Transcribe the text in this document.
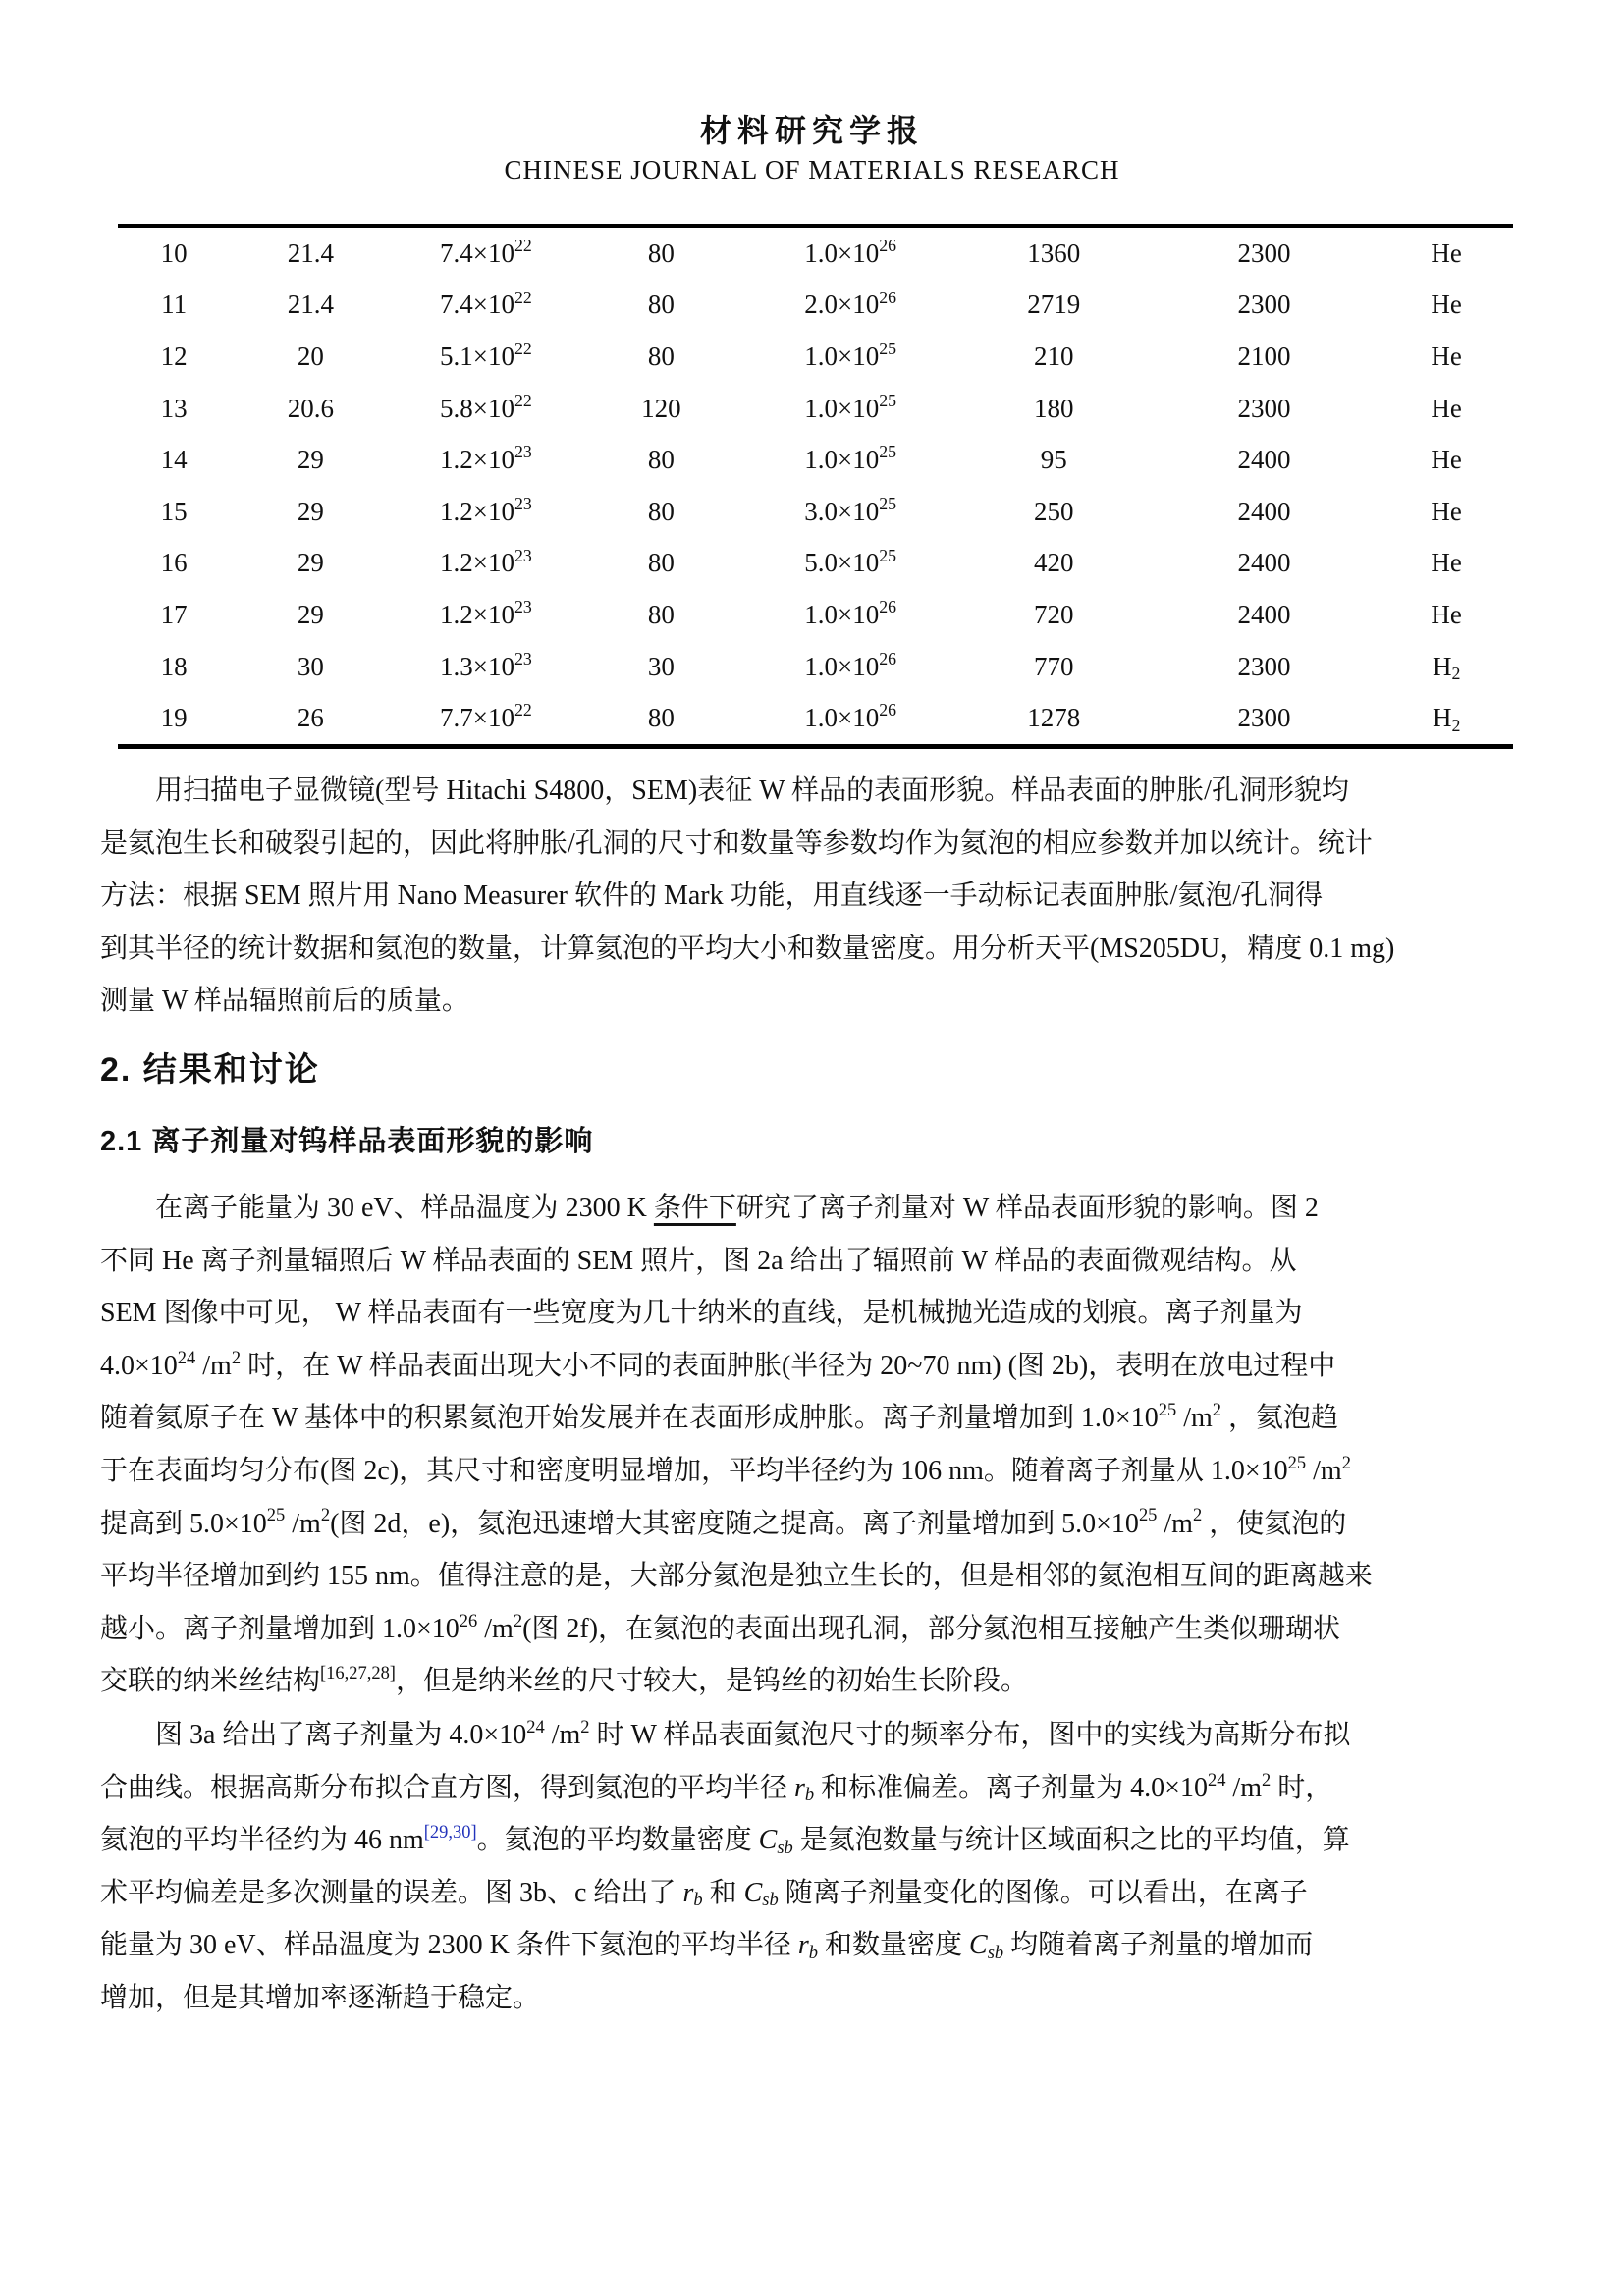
材料研究学报
CHINESE JOURNAL OF MATERIALS RESEARCH
10	21.4	$7.4\times 10^{22}$	80	$1.0\times 10^{26}$	1360	2300	He
11	21.4	$7.4\times 10^{22}$	80	$2.0\times 10^{26}$	2719	2300	He
12	20	$5.1\times 10^{22}$	80	$1.0\times 10^{25}$	210	2100	He
13	20.6	$5.8\times 10^{22}$	120	$1.0\times 10^{25}$	180	2300	He
14	29	$1.2\times 10^{23}$	80	$1.0\times 10^{25}$	95	2400	He
15	29	$1.2\times 10^{23}$	80	$3.0\times 10^{25}$	250	2400	He
16	29	$1.2\times 10^{23}$	80	$5.0\times 10^{25}$	420	2400	He
17	29	$1.2\times 10^{23}$	80	$1.0\times 10^{26}$	720	2400	He
18	30	$1.3\times 10^{23}$	30	$1.0\times 10^{26}$	770	2300	$H_2$
19	26	$7.7\times 10^{22}$	80	$1.0\times 10^{26}$	1278	2300	$H_2$
用扫描电子显微镜(型号 Hitachi S4800，SEM)表征 W 样品的表面形貌。样品表面的肿胀/孔洞形貌均
是氦泡生长和破裂引起的，因此将肿胀/孔洞的尺寸和数量等参数均作为氦泡的相应参数并加以统计。统计
方法：根据 SEM 照片用 Nano Measurer 软件的 Mark 功能，用直线逐一手动标记表面肿胀/氦泡/孔洞得
到其半径的统计数据和氦泡的数量，计算氦泡的平均大小和数量密度。用分析天平(MS205DU，精度 0.1 mg)
测量 W 样品辐照前后的质量。
2. 结果和讨论
2.1 离子剂量对钨样品表面形貌的影响
在离子能量为 30 eV、样品温度为 2300 K 条件下研究了离子剂量对 W 样品表面形貌的影响。图 2
不同 He 离子剂量辐照后 W 样品表面的 SEM 照片，图 2a 给出了辐照前 W 样品的表面微观结构。从
SEM 图像中可见， W 样品表面有一些宽度为几十纳米的直线，是机械抛光造成的划痕。离子剂量为
$4.0\times 10^{24}$ $/m^2$ 时，在 W 样品表面出现大小不同的表面肿胀(半径为 20~70 nm) (图 2b)，表明在放电过程中
随着氦原子在 W 基体中的积累氦泡开始发展并在表面形成肿胀。离子剂量增加到 $1.0\times 10^{25}$ $/m^2$ ，氦泡趋
于在表面均匀分布(图 2c)，其尺寸和密度明显增加，平均半径约为 106 nm。随着离子剂量从 $1.0\times 10^{25}$ $/m^2$
提高到 $5.0\times 10^{25}$ $/m^2$(图 2d，e)，氦泡迅速增大其密度随之提高。离子剂量增加到 $5.0\times 10^{25}$ $/m^2$ ，使氦泡的
平均半径增加到约 155 nm。值得注意的是，大部分氦泡是独立生长的，但是相邻的氦泡相互间的距离越来
越小。离子剂量增加到 $1.0\times 10^{26}$ $/m^2$(图 2f)，在氦泡的表面出现孔洞，部分氦泡相互接触产生类似珊瑚状
交联的纳米丝结构[16,27,28]，但是纳米丝的尺寸较大，是钨丝的初始生长阶段。
图 3a 给出了离子剂量为 $4.0\times 10^{24}$ $/m^2$ 时 W 样品表面氦泡尺寸的频率分布，图中的实线为高斯分布拟
合曲线。根据高斯分布拟合直方图，得到氦泡的平均半径 $r_b$ 和标准偏差。离子剂量为 $4.0\times 10^{24}$ $/m^2$ 时，
氦泡的平均半径约为 46 nm[29,30]。氦泡的平均数量密度 $C_{sb}$ 是氦泡数量与统计区域面积之比的平均值，算
术平均偏差是多次测量的误差。图 3b、c 给出了 $r_b$ 和 $C_{sb}$ 随离子剂量变化的图像。可以看出，在离子
能量为 30 eV、样品温度为 2300 K 条件下氦泡的平均半径 $r_b$ 和数量密度 $C_{sb}$ 均随着离子剂量的增加而
增加，但是其增加率逐渐趋于稳定。
